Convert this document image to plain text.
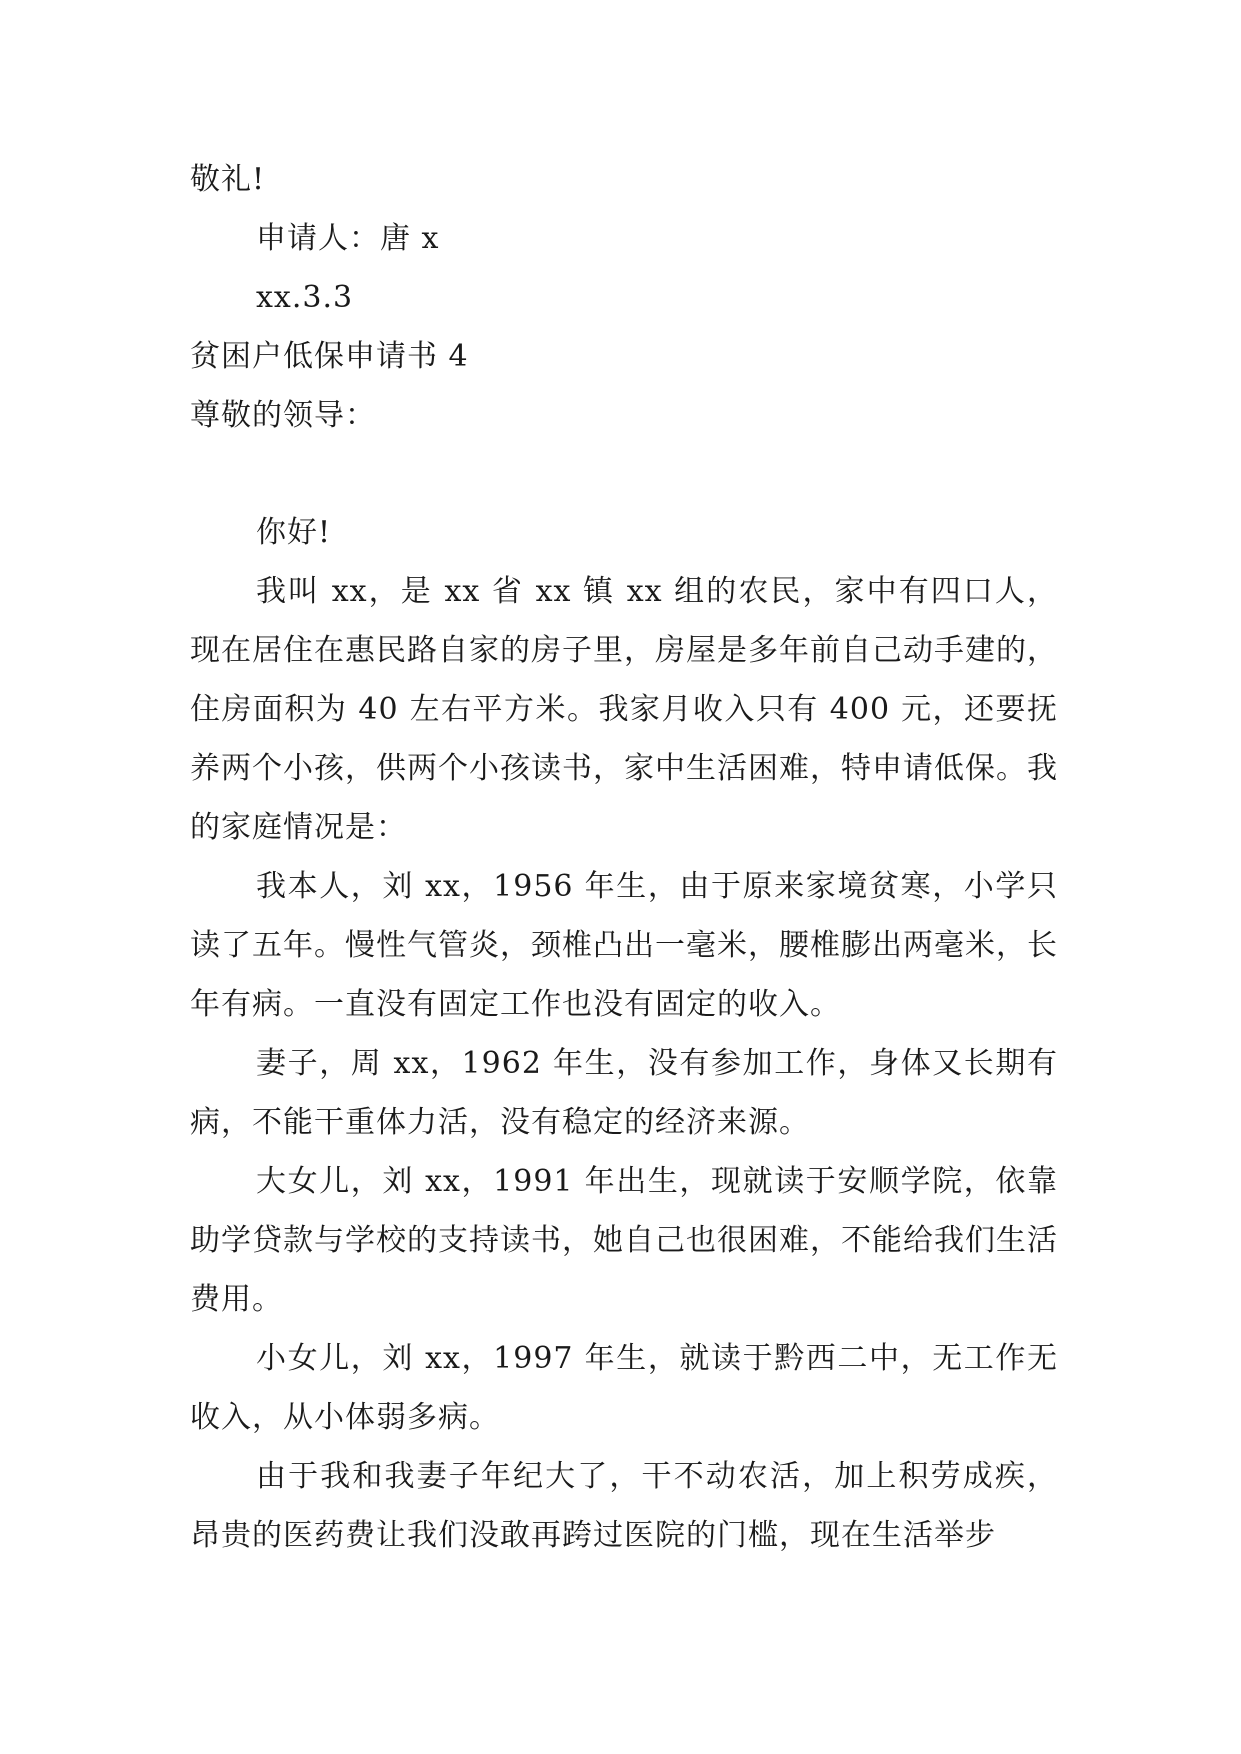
敬礼!

申请人：唐 x

xx.3.3

贫困户低保申请书 4

尊敬的领导：

你好!

我叫 xx，是 xx 省 xx 镇 xx 组的农民，家中有四口人，现在居住在惠民路自家的房子里，房屋是多年前自己动手建的，住房面积为 40 左右平方米。我家月收入只有 400 元，还要抚养两个小孩，供两个小孩读书，家中生活困难，特申请低保。我的家庭情况是：

我本人，刘 xx，1956 年生，由于原来家境贫寒，小学只读了五年。慢性气管炎，颈椎凸出一毫米，腰椎膨出两毫米，长年有病。一直没有固定工作也没有固定的收入。

妻子，周 xx，1962 年生，没有参加工作，身体又长期有病，不能干重体力活，没有稳定的经济来源。

大女儿，刘 xx，1991 年出生，现就读于安顺学院，依靠助学贷款与学校的支持读书，她自己也很困难，不能给我们生活费用。

小女儿，刘 xx，1997 年生，就读于黔西二中，无工作无收入，从小体弱多病。

由于我和我妻子年纪大了，干不动农活，加上积劳成疾，昂贵的医药费让我们没敢再跨过医院的门槛，现在生活举步
